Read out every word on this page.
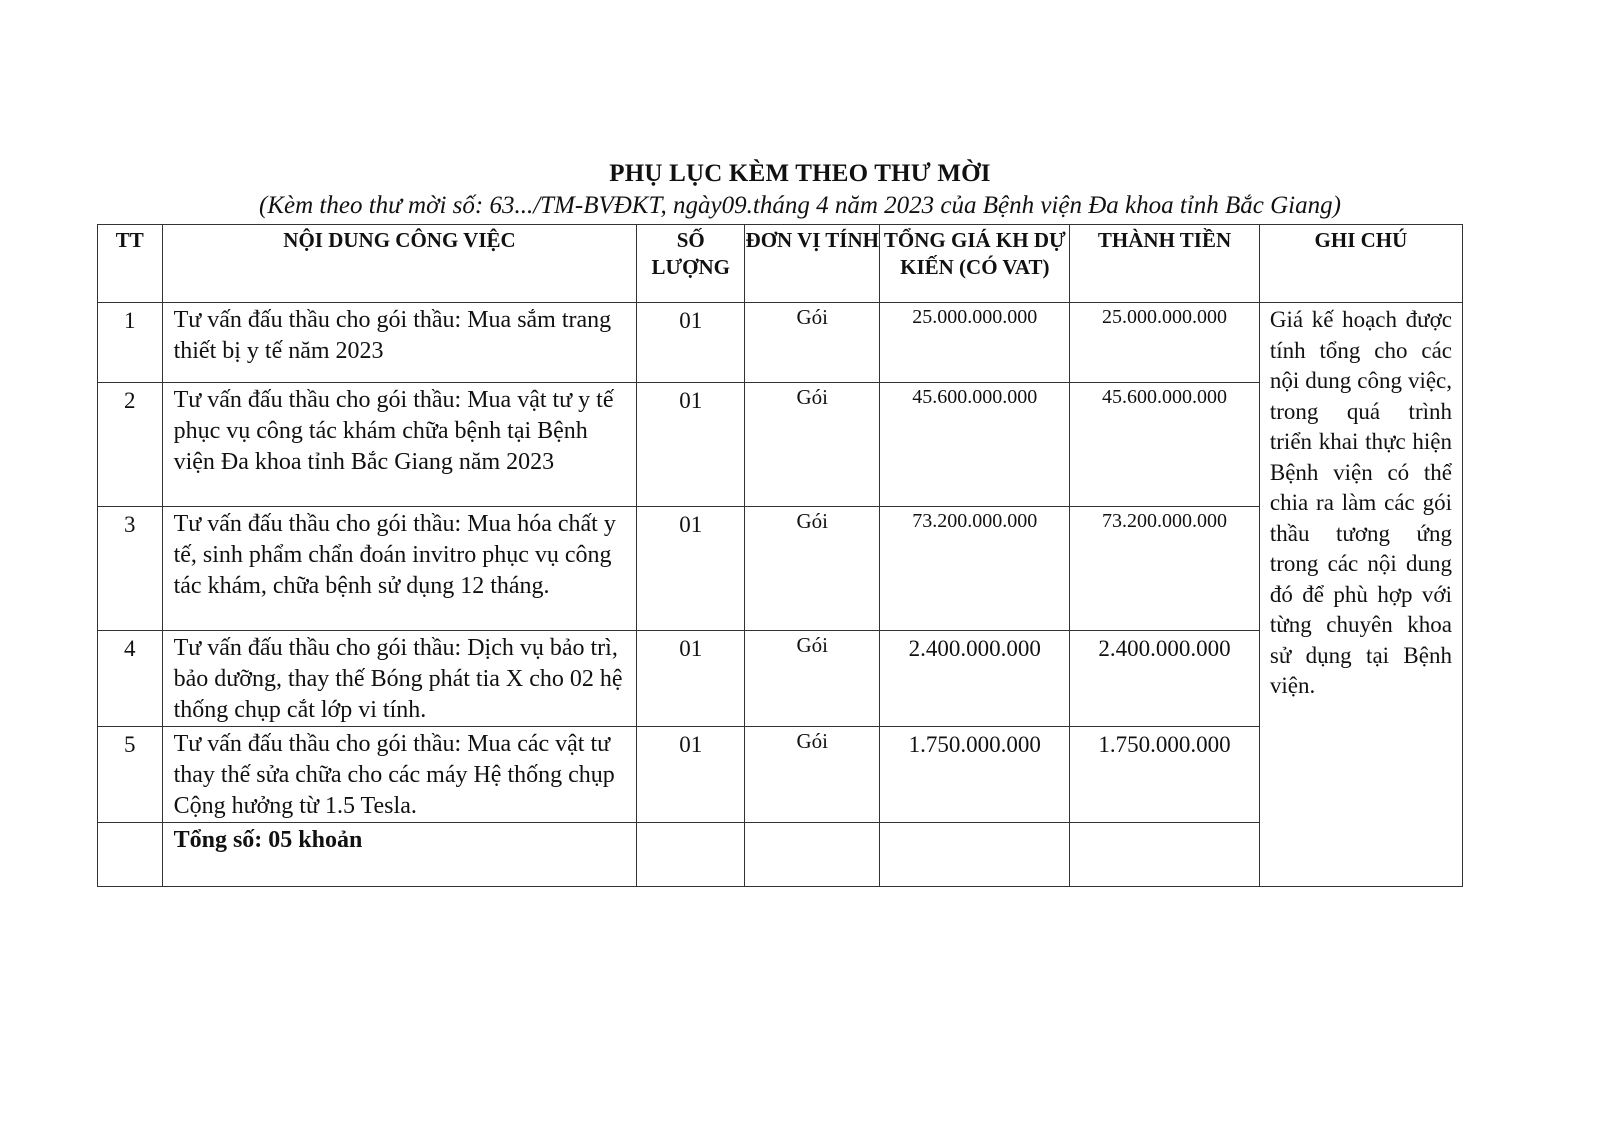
PHỤ LỤC KÈM THEO THƯ MỜI
(Kèm theo thư mời số: 63.../TM-BVĐKT, ngày09.tháng 4 năm 2023 của Bệnh viện Đa khoa tỉnh Bắc Giang)
TT	NỘI DUNG CÔNG VIỆC	SỐ LƯỢNG	ĐƠN VỊ TÍNH	TỔNG GIÁ KH DỰ KIẾN (CÓ VAT)	THÀNH TIỀN	GHI CHÚ
1	Tư vấn đấu thầu cho gói thầu: Mua sắm trang thiết bị y tế năm 2023	01	Gói	25.000.000.000	25.000.000.000	Giá kế hoạch được tính tổng cho các nội dung công việc, trong quá trình triển khai thực hiện Bệnh viện có thể chia ra làm các gói thầu tương ứng trong các nội dung đó để phù hợp với từng chuyên khoa sử dụng tại Bệnh viện.
2	Tư vấn đấu thầu cho gói thầu: Mua vật tư y tế phục vụ công tác khám chữa bệnh tại Bệnh viện Đa khoa tỉnh Bắc Giang năm 2023	01	Gói	45.600.000.000	45.600.000.000	
3	Tư vấn đấu thầu cho gói thầu: Mua hóa chất y tế, sinh phẩm chẩn đoán invitro phục vụ công tác khám, chữa bệnh sử dụng 12 tháng.	01	Gói	73.200.000.000	73.200.000.000	
4	Tư vấn đấu thầu cho gói thầu: Dịch vụ bảo trì, bảo dưỡng, thay thế Bóng phát tia X cho 02 hệ thống chụp cắt lớp vi tính.	01	Gói	2.400.000.000	2.400.000.000	
5	Tư vấn đấu thầu cho gói thầu: Mua các vật tư thay thế sửa chữa cho các máy Hệ thống chụp Cộng hưởng từ 1.5 Tesla.	01	Gói	1.750.000.000	1.750.000.000	
	Tổng số: 05 khoản					
